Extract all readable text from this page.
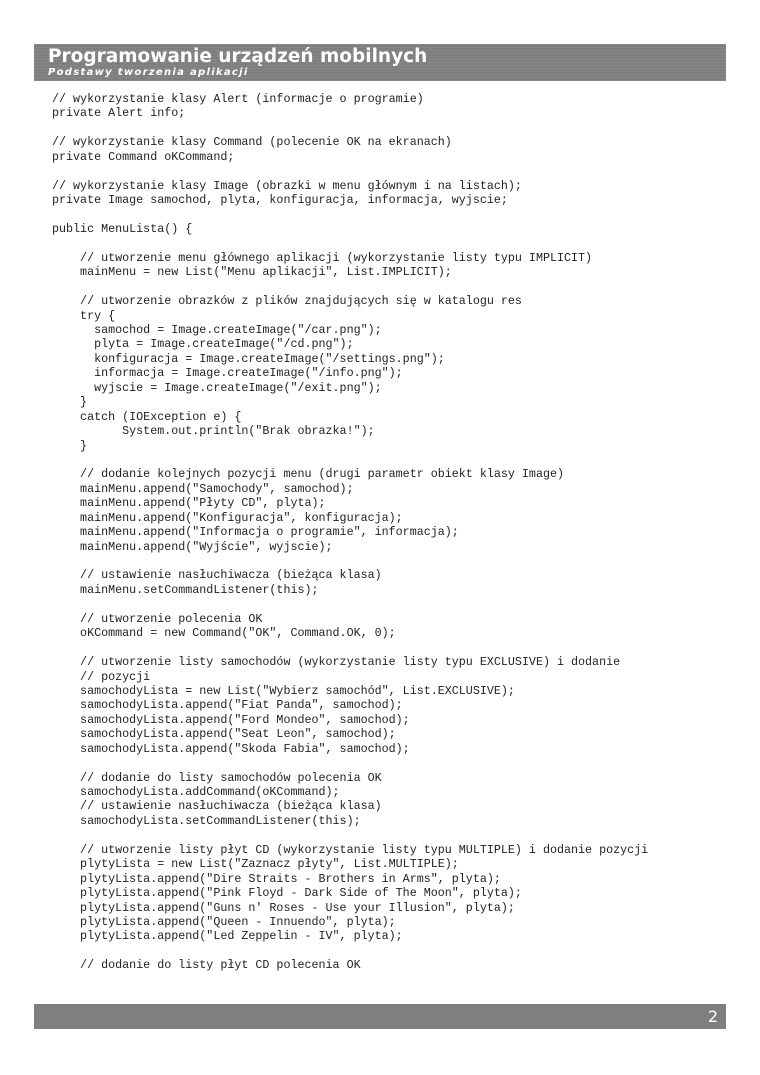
Programowanie urządzeń mobilnych
Podstawy tworzenia aplikacji
// wykorzystanie klasy Alert (informacje o programie)
private Alert info;
// wykorzystanie klasy Command (polecenie OK na ekranach)
private Command oKCommand;
// wykorzystanie klasy Image (obrazki w menu głównym i na listach);
private Image samochod, plyta, konfiguracja, informacja, wyjscie;
public MenuLista() {
// utworzenie menu głównego aplikacji (wykorzystanie listy typu IMPLICIT)
mainMenu = new List("Menu aplikacji", List.IMPLICIT);
// utworzenie obrazków z plików znajdujących się w katalogu res
try {
samochod = Image.createImage("/car.png");
plyta = Image.createImage("/cd.png");
konfiguracja = Image.createImage("/settings.png");
informacja = Image.createImage("/info.png");
wyjscie = Image.createImage("/exit.png");
}
catch (IOException e) {
System.out.println("Brak obrazka!");
}
// dodanie kolejnych pozycji menu (drugi parametr obiekt klasy Image)
mainMenu.append("Samochody", samochod);
mainMenu.append("Płyty CD", plyta);
mainMenu.append("Konfiguracja", konfiguracja);
mainMenu.append("Informacja o programie", informacja);
mainMenu.append("Wyjście", wyjscie);
// ustawienie nasłuchiwacza (bieżąca klasa)
mainMenu.setCommandListener(this);
// utworzenie polecenia OK
oKCommand = new Command("OK", Command.OK, 0);
// utworzenie listy samochodów (wykorzystanie listy typu EXCLUSIVE) i dodanie
// pozycji
samochodyLista = new List("Wybierz samochód", List.EXCLUSIVE);
samochodyLista.append("Fiat Panda", samochod);
samochodyLista.append("Ford Mondeo", samochod);
samochodyLista.append("Seat Leon", samochod);
samochodyLista.append("Skoda Fabia", samochod);
// dodanie do listy samochodów polecenia OK
samochodyLista.addCommand(oKCommand);
// ustawienie nasłuchiwacza (bieżąca klasa)
samochodyLista.setCommandListener(this);
// utworzenie listy płyt CD (wykorzystanie listy typu MULTIPLE) i dodanie pozycji
plytyLista = new List("Zaznacz płyty", List.MULTIPLE);
plytyLista.append("Dire Straits - Brothers in Arms", plyta);
plytyLista.append("Pink Floyd - Dark Side of The Moon", plyta);
plytyLista.append("Guns n' Roses - Use your Illusion", plyta);
plytyLista.append("Queen - Innuendo", plyta);
plytyLista.append("Led Zeppelin - IV", plyta);
// dodanie do listy płyt CD polecenia OK
2
